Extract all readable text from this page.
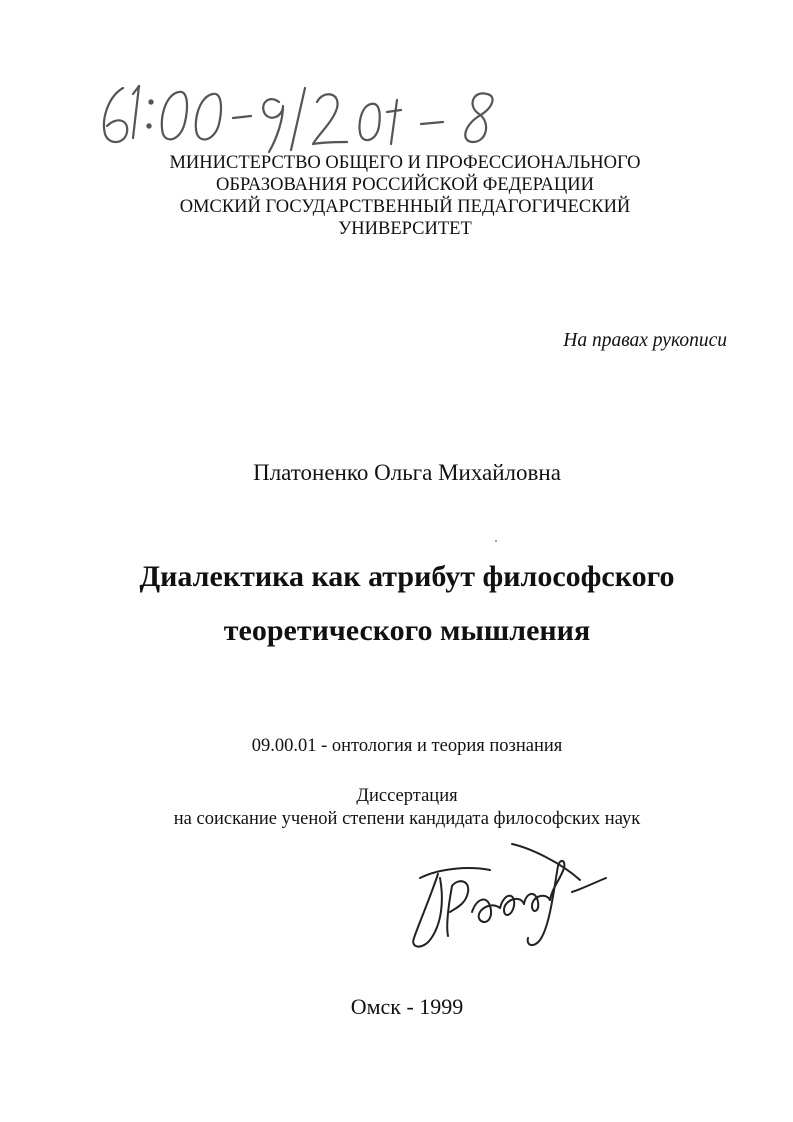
МИНИСТЕРСТВО ОБЩЕГО И ПРОФЕССИОНАЛЬНОГО
ОБРАЗОВАНИЯ РОССИЙСКОЙ ФЕДЕРАЦИИ
ОМСКИЙ ГОСУДАРСТВЕННЫЙ ПЕДАГОГИЧЕСКИЙ
УНИВЕРСИТЕТ
На правах рукописи
Платоненко Ольга Михайловна
Диалектика как атрибут философского
теоретического мышления
09.00.01 - онтология и теория познания
Диссертация
на соискание ученой степени кандидата философских наук
Омск - 1999
